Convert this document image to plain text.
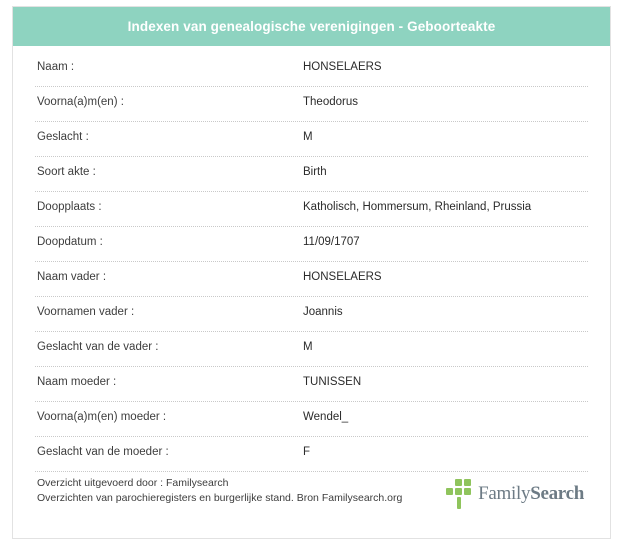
Indexen van genealogische verenigingen - Geboorteakte
Naam :	HONSELAERS
Voorna(a)m(en) :	Theodorus
Geslacht :	M
Soort akte :	Birth
Doopplaats :	Katholisch, Hommersum, Rheinland, Prussia
Doopdatum :	11/09/1707
Naam vader :	HONSELAERS
Voornamen vader :	Joannis
Geslacht van de vader :	M
Naam moeder :	TUNISSEN
Voorna(a)m(en) moeder :	Wendel_
Geslacht van de moeder :	F
Overzicht uitgevoerd door : Familysearch
Overzichten van parochieregisters en burgerlijke stand. Bron Familysearch.org	FamilySearch
